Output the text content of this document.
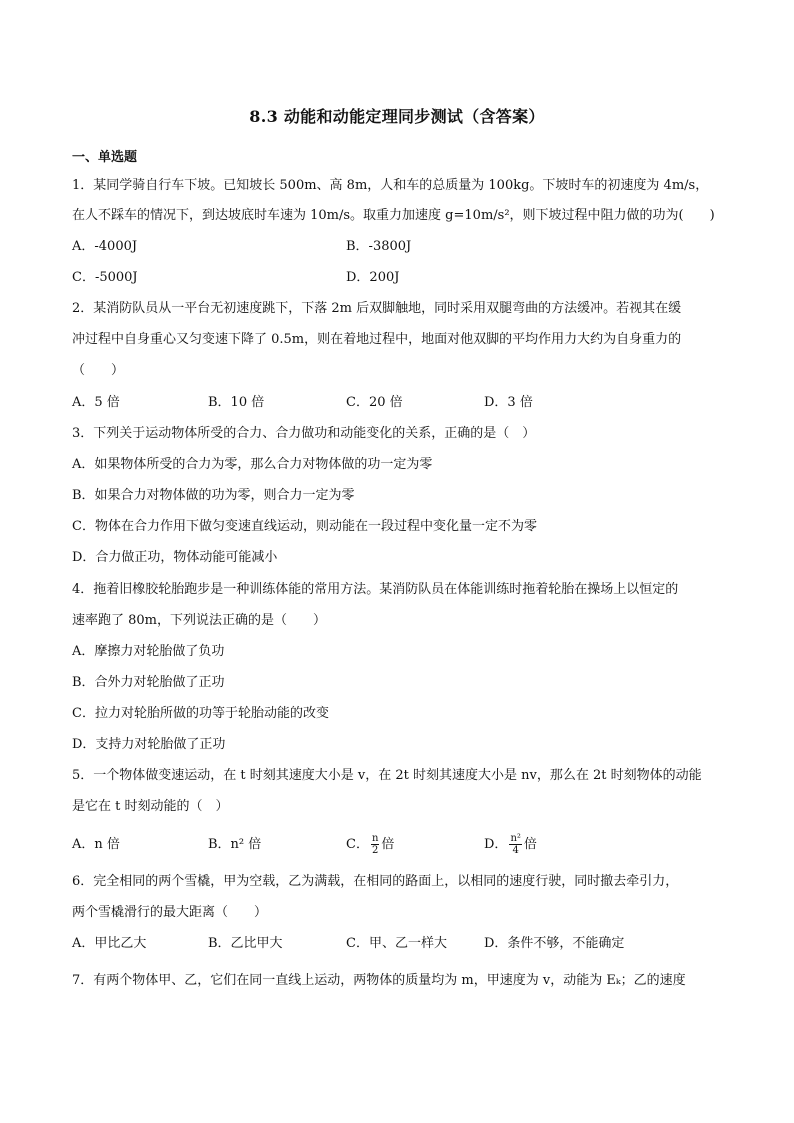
8.3 动能和动能定理同步测试（含答案）
一、单选题
1．某同学骑自行车下坡。已知坡长 500m、高 8m，人和车的总质量为 100kg。下坡时车的初速度为 4m/s，
在人不踩车的情况下，到达坡底时车速为 10m/s。取重力加速度 g=10m/s²，则下坡过程中阻力做的功为(　　)
A．-4000J	B．-3800J
C．-5000J	D．200J
2．某消防队员从一平台无初速度跳下，下落 2m 后双脚触地，同时采用双腿弯曲的方法缓冲。若视其在缓
冲过程中自身重心又匀变速下降了 0.5m，则在着地过程中，地面对他双脚的平均作用力大约为自身重力的
（　　）
A．5 倍	B．10 倍	C．20 倍	D．3 倍
3．下列关于运动物体所受的合力、合力做功和动能变化的关系，正确的是（　）
A．如果物体所受的合力为零，那么合力对物体做的功一定为零
B．如果合力对物体做的功为零，则合力一定为零
C．物体在合力作用下做匀变速直线运动，则动能在一段过程中变化量一定不为零
D．合力做正功，物体动能可能减小
4．拖着旧橡胶轮胎跑步是一种训练体能的常用方法。某消防队员在体能训练时拖着轮胎在操场上以恒定的
速率跑了 80m，下列说法正确的是（　　）
A．摩擦力对轮胎做了负功
B．合外力对轮胎做了正功
C．拉力对轮胎所做的功等于轮胎动能的改变
D．支持力对轮胎做了正功
5．一个物体做变速运动，在 t 时刻其速度大小是 v，在 2t 时刻其速度大小是 nv，那么在 2t 时刻物体的动能
是它在 t 时刻动能的（　）
A．n 倍	B．n² 倍	C． $\frac{n}{2}$ 倍	D． $\frac{\text{n²}}{4}$ 倍
6．完全相同的两个雪橇，甲为空载，乙为满载，在相同的路面上，以相同的速度行驶，同时撤去牵引力，
两个雪橇滑行的最大距离（　　）
A．甲比乙大	B．乙比甲大	C．甲、乙一样大	D．条件不够，不能确定
7．有两个物体甲、乙，它们在同一直线上运动，两物体的质量均为 m，甲速度为 v，动能为 Eₖ；乙的速度
